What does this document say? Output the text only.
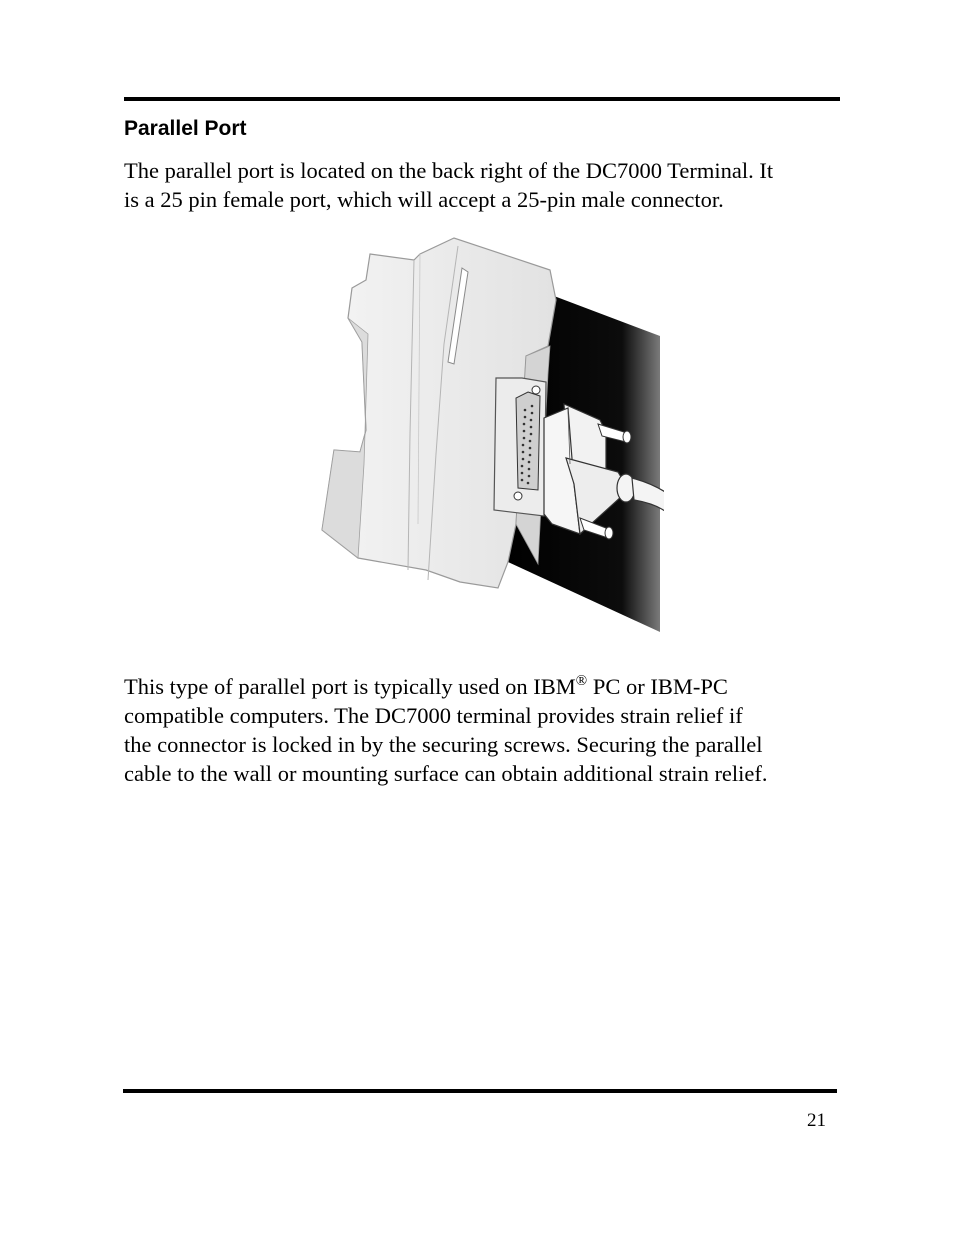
Parallel Port

The parallel port is located on the back right of the DC7000 Terminal. It
is a 25 pin female port, which will accept a 25-pin male connector.

This type of parallel port is typically used on IBM® PC or IBM-PC
compatible computers. The DC7000 terminal provides strain relief if
the connector is locked in by the securing screws. Securing the parallel
cable to the wall or mounting surface can obtain additional strain relief.

21
